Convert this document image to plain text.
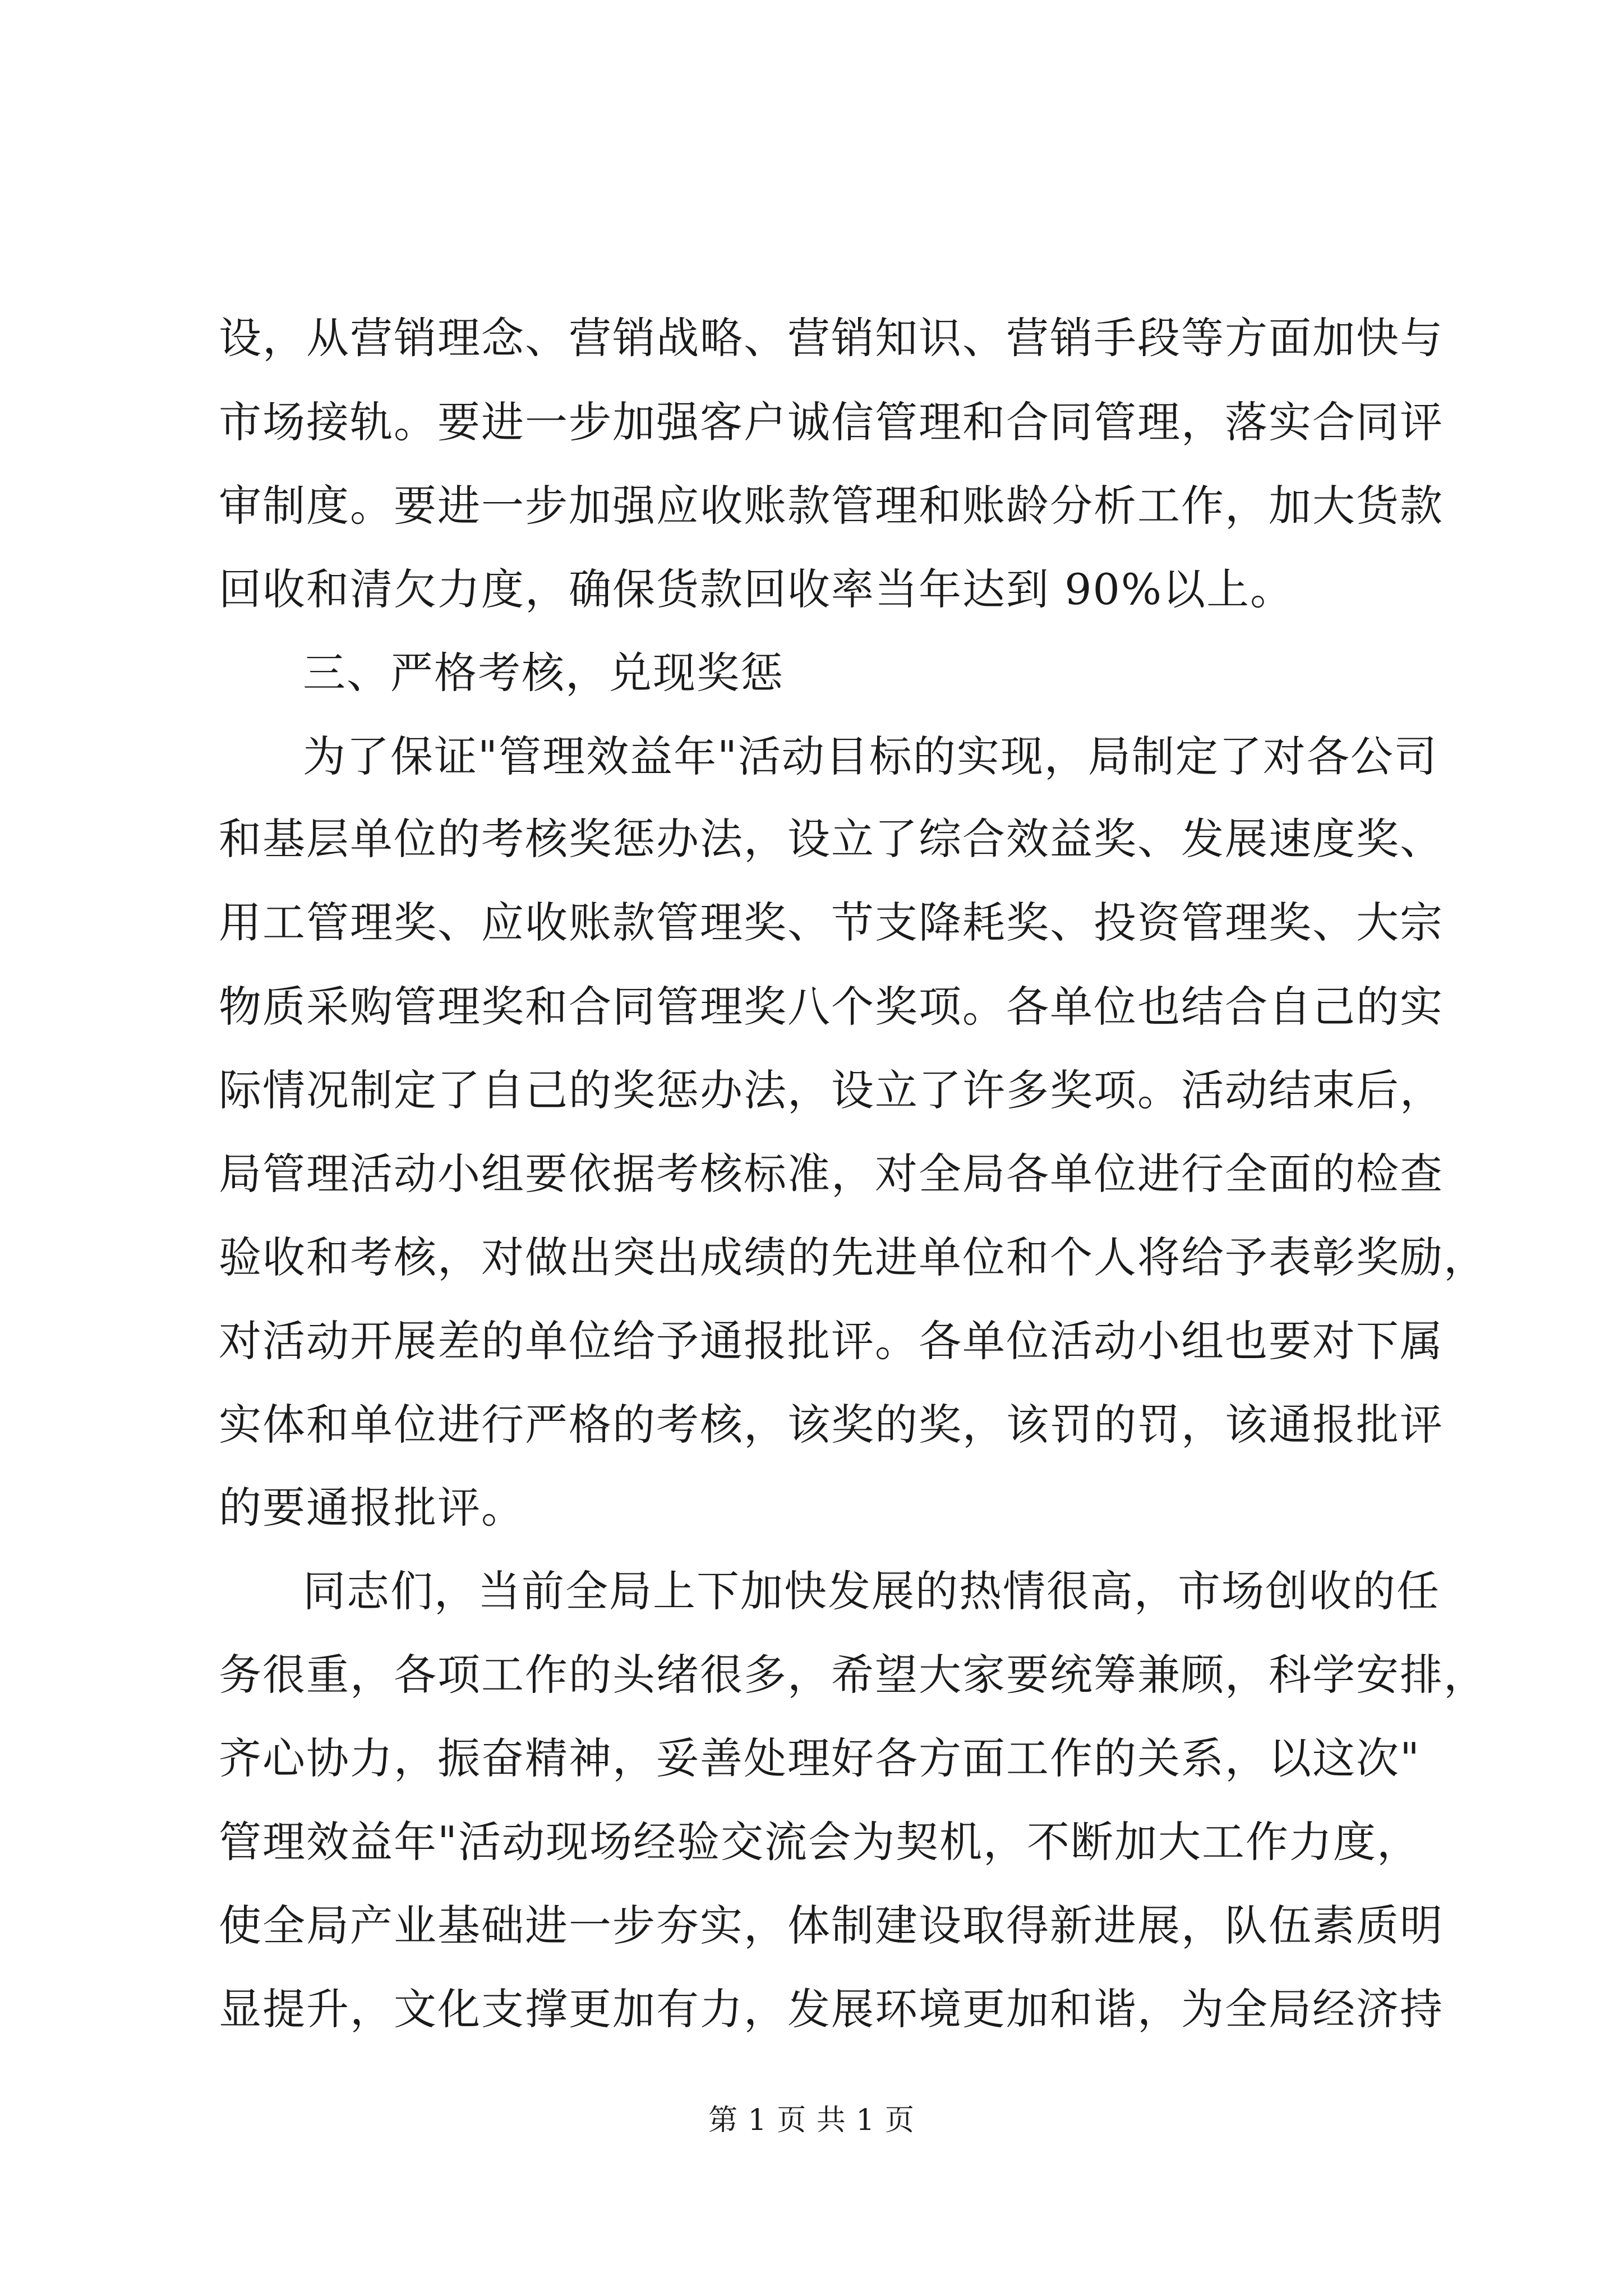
设，从营销理念、营销战略、营销知识、营销手段等方面加快与
市场接轨。要进一步加强客户诚信管理和合同管理，落实合同评
审制度。要进一步加强应收账款管理和账龄分析工作，加大货款
回收和清欠力度，确保货款回收率当年达到 90%以上。
三、严格考核，兑现奖惩
为了保证"管理效益年"活动目标的实现，局制定了对各公司
和基层单位的考核奖惩办法，设立了综合效益奖、发展速度奖、
用工管理奖、应收账款管理奖、节支降耗奖、投资管理奖、大宗
物质采购管理奖和合同管理奖八个奖项。各单位也结合自己的实
际情况制定了自己的奖惩办法，设立了许多奖项。活动结束后，
局管理活动小组要依据考核标准，对全局各单位进行全面的检查
验收和考核，对做出突出成绩的先进单位和个人将给予表彰奖励，
对活动开展差的单位给予通报批评。各单位活动小组也要对下属
实体和单位进行严格的考核，该奖的奖，该罚的罚，该通报批评
的要通报批评。
同志们，当前全局上下加快发展的热情很高，市场创收的任
务很重，各项工作的头绪很多，希望大家要统筹兼顾，科学安排，
齐心协力，振奋精神，妥善处理好各方面工作的关系，以这次"
管理效益年"活动现场经验交流会为契机，不断加大工作力度，
使全局产业基础进一步夯实，体制建设取得新进展，队伍素质明
显提升，文化支撑更加有力，发展环境更加和谐，为全局经济持
第 1 页 共 1 页
